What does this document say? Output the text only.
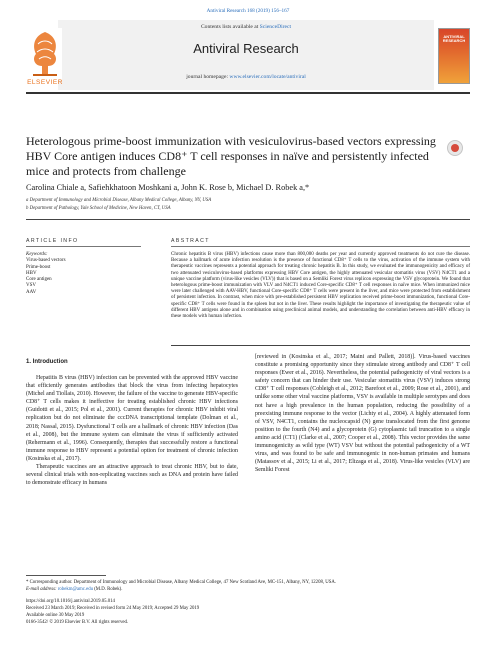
Antiviral Research 168 (2019) 156–167
Contents lists available at ScienceDirect
Antiviral Research
journal homepage: www.elsevier.com/locate/antiviral
ELSEVIER
ANTIVIRAL RESEARCH
Heterologous prime-boost immunization with vesiculovirus-based vectors expressing HBV Core antigen induces CD8⁺ T cell responses in naïve and persistently infected mice and protects from challenge
Carolina Chiale a, Safiehkhatoon Moshkani a, John K. Rose b, Michael D. Robek a,*
a Department of Immunology and Microbial Disease, Albany Medical College, Albany, NY, USA
b Department of Pathology, Yale School of Medicine, New Haven, CT, USA
ARTICLE INFO	ABSTRACT
Keywords:
Virus-based vectors
Prime-boost
HBV
Core antigen
VSV
AAV
Chronic hepatitis B virus (HBV) infections cause more than 800,000 deaths per year and currently approved treatments do not cure the disease. Because a hallmark of acute infection resolution is the presence of functional CD8⁺ T cells to the virus, activation of the immune system with therapeutic vaccines represents a potential approach for treating chronic hepatitis B. In this study, we evaluated the immunogenicity and efficacy of two attenuated vesiculovirus-based platforms expressing HBV Core antigen, the highly attenuated vesicular stomatitis virus (VSV) N4CT1 and a unique vaccine platform (virus-like vesicles (VLV)) that is based on a Semliki Forest virus replicon expressing the VSV glycoprotein. We found that heterologous prime-boost immunization with VLV and N4CT1 induced Core-specific CD8⁺ T cell responses in naïve mice. When immunized mice were later challenged with AAV-HBV, functional Core-specific CD8⁺ T cells were present in the liver, and mice were protected from establishment of persistent infection. In contrast, when mice with pre-established persistent HBV replication received prime-boost immunization, functional Core-specific CD8⁺ T cells were found in the spleen but not in the liver. These results highlight the importance of investigating the therapeutic value of different HBV antigens alone and in combination using preclinical animal models, and understanding the correlation between anti-HBV efficacy in these models with human infection.
1. Introduction

Hepatitis B virus (HBV) infection can be prevented with the approved HBV vaccine that efficiently generates antibodies that block the virus from infecting hepatocytes (Michel and Tiollais, 2010). However, the failure of the vaccine to generate HBV-specific CD8⁺ T cells makes it ineffective for treating established chronic HBV infections (Guidotti et al., 2015; Pol et al., 2001). Current therapies for chronic HBV inhibit viral replication but do not eliminate the cccDNA transcriptional template (Dolman et al., 2018; Nassal, 2015). Dysfunctional T cells are a hallmark of chronic HBV infection (Das et al., 2008), but the immune system can eliminate the virus if sufficiently activated (Rehermann et al., 1996). Consequently, therapies that successfully restore a functional immune response to HBV represent a potential option for treatment of chronic infection (Kosinska et al., 2017).

Therapeutic vaccines are an attractive approach to treat chronic HBV, but to date, several clinical trials with non-replicating vaccines such as DNA and protein have failed to demonstrate efficacy in humans

[reviewed in (Kosinska et al., 2017; Maini and Pallett, 2018)]. Virus-based vaccines constitute a promising opportunity since they stimulate strong antibody and CD8⁺ T cell responses (Ewer et al., 2016). Nevertheless, the potential pathogenicity of viral vectors is a safety concern that can hinder their use. Vesicular stomatitis virus (VSV) induces strong CD8⁺ T cell responses (Cobleigh et al., 2012; Barefoot et al., 2009; Rose et al., 2001), and unlike some other viral vaccine platforms, VSV is available in multiple serotypes and does not have a high prevalence in the human population, reducing the possibility of a preexisting immune response to the vector (Lichty et al., 2004). A highly attenuated form of VSV, N4CT1, contains the nucleocapsid (N) gene translocated from the first genome position to the fourth (N4) and a glycoprotein (G) cytoplasmic tail truncation to a single amino acid (CT1) (Clarke et al., 2007; Cooper et al., 2008). This vector provides the same immunogenicity as wild type (WT) VSV but without the potential pathogenicity of a WT virus, and was found to be safe and immunogenic in non-human primates and humans (Matassov et al., 2015; Li et al., 2017; Elizaga et al., 2018). Virus-like vesicles (VLV) are Semliki Forest

* Corresponding author. Department of Immunology and Microbial Disease, Albany Medical College, 47 New Scotland Ave, MC-151, Albany, NY, 12208, USA.
E-mail address: robekm@amc.edu (M.D. Robek).
https://doi.org/10.1016/j.antiviral.2019.05.014
Received 23 March 2019; Received in revised form 24 May 2019; Accepted 29 May 2019
Available online 30 May 2019
0166-3542/ © 2019 Elsevier B.V. All rights reserved.
